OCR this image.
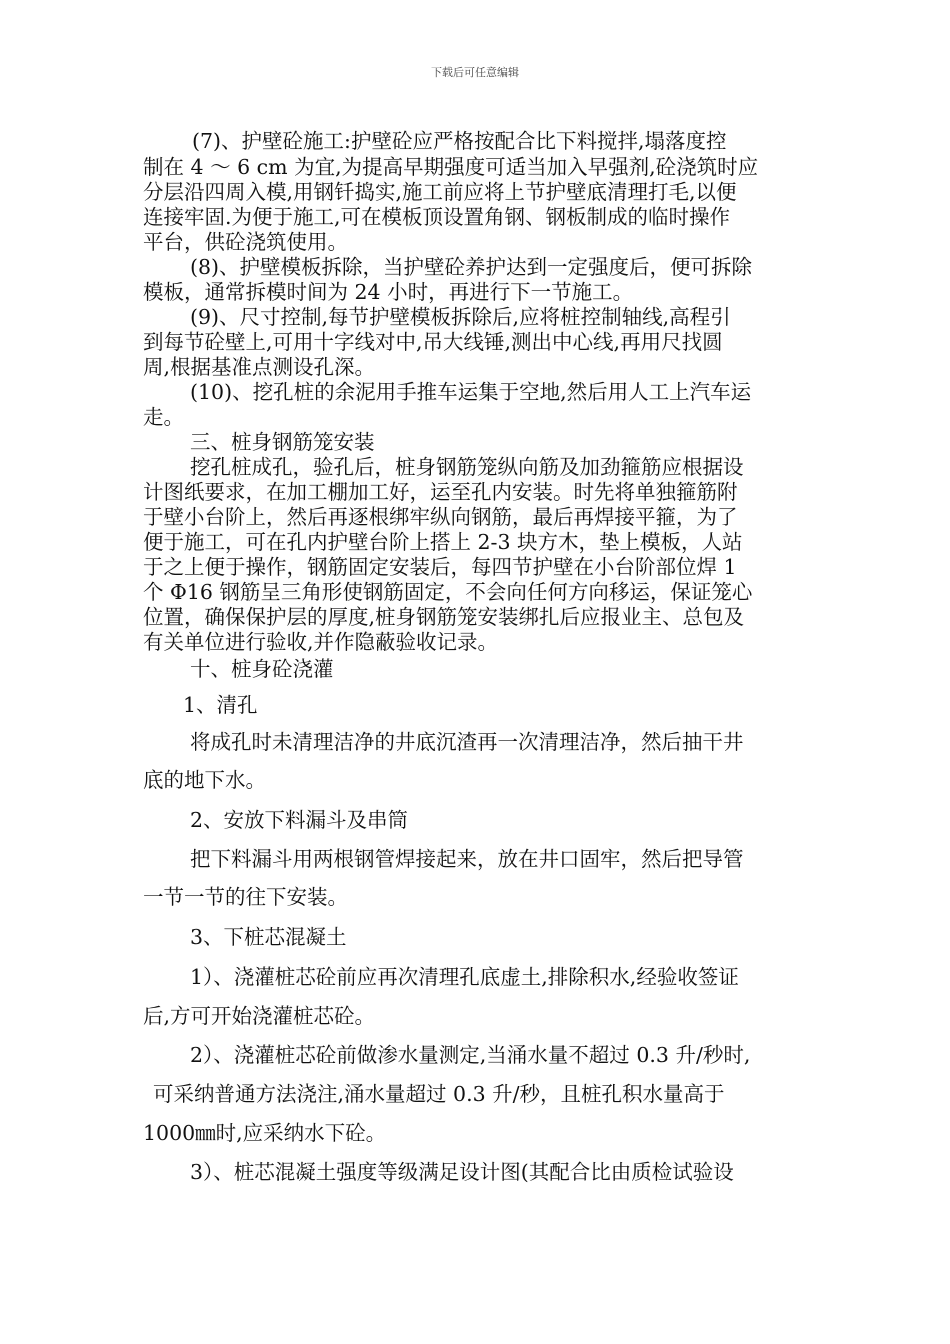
下载后可任意编辑
(7)、护壁砼施工:护壁砼应严格按配合比下料搅拌,塌落度控
制在 4 ～ 6 cm 为宜,为提高早期强度可适当加入早强剂,砼浇筑时应
分层沿四周入模,用钢钎捣实,施工前应将上节护壁底清理打毛,以便
连接牢固.为便于施工,可在模板顶设置角钢、钢板制成的临时操作
平台，供砼浇筑使用。
(8)、护壁模板拆除，当护壁砼养护达到一定强度后，便可拆除
模板，通常拆模时间为 24 小时，再进行下一节施工。
(9)、尺寸控制,每节护壁模板拆除后,应将桩控制轴线,高程引
到每节砼壁上,可用十字线对中,吊大线锤,测出中心线,再用尺找圆
周,根据基准点测设孔深。
(10)、挖孔桩的余泥用手推车运集于空地,然后用人工上汽车运
走。
三、桩身钢筋笼安装
挖孔桩成孔，验孔后，桩身钢筋笼纵向筋及加劲箍筋应根据设
计图纸要求，在加工棚加工好，运至孔内安装。时先将单独箍筋附
于壁小台阶上，然后再逐根绑牢纵向钢筋，最后再焊接平箍，为了
便于施工，可在孔内护壁台阶上搭上 2-3 块方木，垫上模板，人站
于之上便于操作，钢筋固定安装后，每四节护壁在小台阶部位焊 1
个 Φ16 钢筋呈三角形使钢筋固定，不会向任何方向移运，保证笼心
位置，确保保护层的厚度,桩身钢筋笼安装绑扎后应报业主、总包及
有关单位进行验收,并作隐蔽验收记录。
十、桩身砼浇灌
1、清孔
将成孔时未清理洁净的井底沉渣再一次清理洁净，然后抽干井
底的地下水。
2、安放下料漏斗及串筒
把下料漏斗用两根钢管焊接起来，放在井口固牢，然后把导管
一节一节的往下安装。
3、下桩芯混凝土
1）、浇灌桩芯砼前应再次清理孔底虚土,排除积水,经验收签证
后,方可开始浇灌桩芯砼。
2）、浇灌桩芯砼前做渗水量测定,当涌水量不超过 0.3 升/秒时,
可采纳普通方法浇注,涌水量超过 0.3 升/秒，且桩孔积水量高于
1000㎜时,应采纳水下砼。
3）、桩芯混凝土强度等级满足设计图(其配合比由质检试验设
